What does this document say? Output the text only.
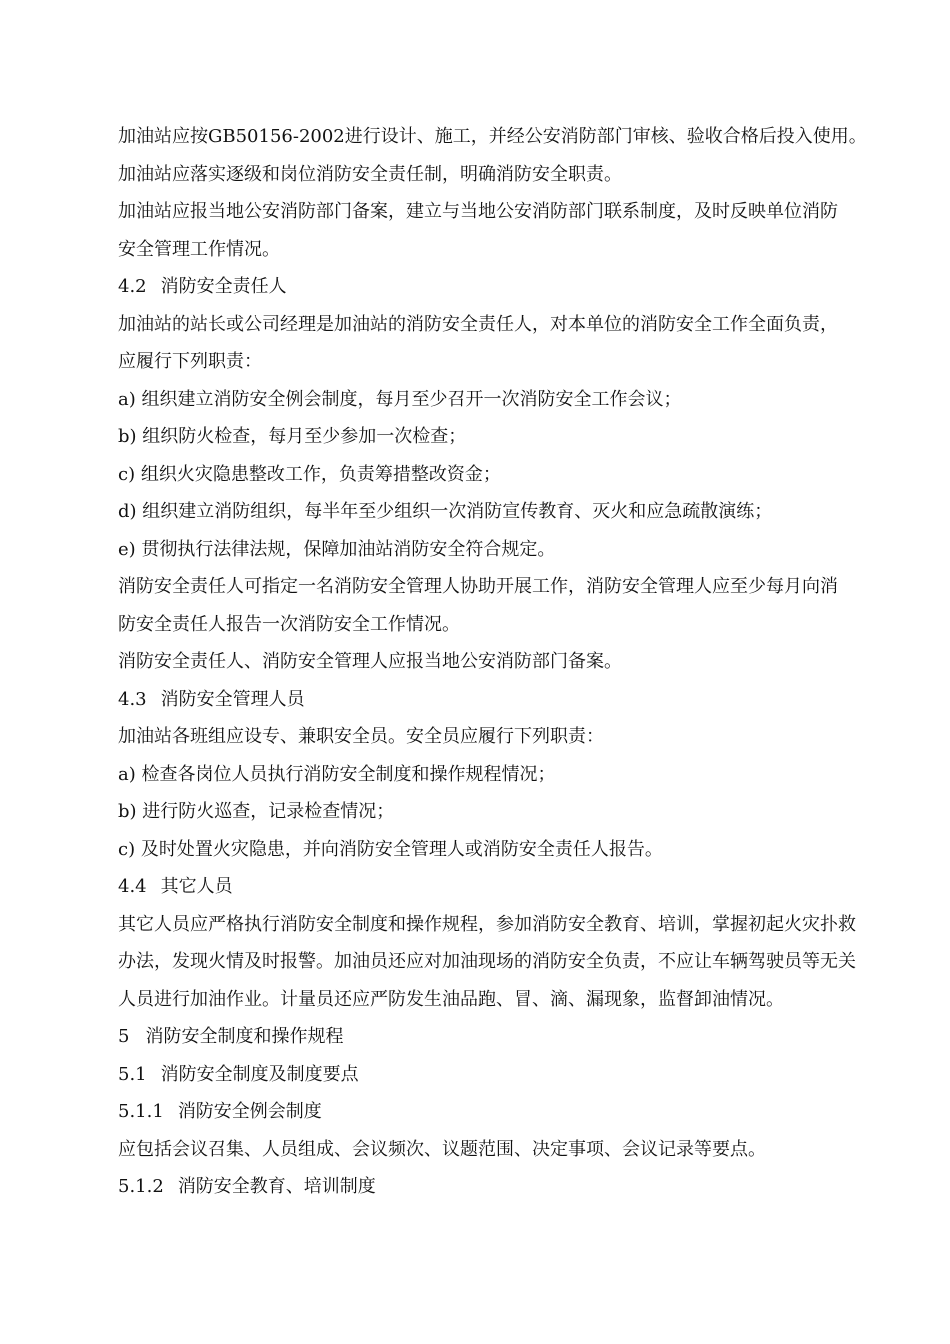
加油站应按GB50156-2002进行设计、施工，并经公安消防部门审核、验收合格后投入使用。
加油站应落实逐级和岗位消防安全责任制，明确消防安全职责。
加油站应报当地公安消防部门备案，建立与当地公安消防部门联系制度，及时反映单位消防
安全管理工作情况。
4.2 消防安全责任人
加油站的站长或公司经理是加油站的消防安全责任人，对本单位的消防安全工作全面负责，
应履行下列职责：
a) 组织建立消防安全例会制度，每月至少召开一次消防安全工作会议；
b) 组织防火检查，每月至少参加一次检查；
c) 组织火灾隐患整改工作，负责筹措整改资金；
d) 组织建立消防组织，每半年至少组织一次消防宣传教育、灭火和应急疏散演练；
e) 贯彻执行法律法规，保障加油站消防安全符合规定。
消防安全责任人可指定一名消防安全管理人协助开展工作，消防安全管理人应至少每月向消
防安全责任人报告一次消防安全工作情况。
消防安全责任人、消防安全管理人应报当地公安消防部门备案。
4.3 消防安全管理人员
加油站各班组应设专、兼职安全员。安全员应履行下列职责：
a) 检查各岗位人员执行消防安全制度和操作规程情况；
b) 进行防火巡查，记录检查情况；
c) 及时处置火灾隐患，并向消防安全管理人或消防安全责任人报告。
4.4 其它人员
其它人员应严格执行消防安全制度和操作规程，参加消防安全教育、培训，掌握初起火灾扑救
办法，发现火情及时报警。加油员还应对加油现场的消防安全负责，不应让车辆驾驶员等无关
人员进行加油作业。计量员还应严防发生油品跑、冒、滴、漏现象，监督卸油情况。
5 消防安全制度和操作规程
5.1 消防安全制度及制度要点
5.1.1 消防安全例会制度
应包括会议召集、人员组成、会议频次、议题范围、决定事项、会议记录等要点。
5.1.2 消防安全教育、培训制度
